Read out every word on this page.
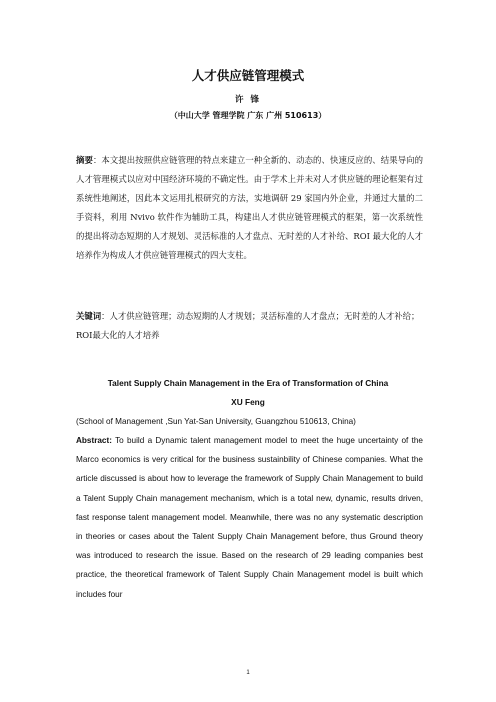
人才供应链管理模式
许 锋
（中山大学 管理学院 广东 广州 510613）
摘要：本文提出按照供应链管理的特点来建立一种全新的、动态的、快速反应的、结果导向的人才管理模式以应对中国经济环境的不确定性。由于学术上并未对人才供应链的理论框架有过系统性地阐述，因此本文运用扎根研究的方法，实地调研 29 家国内外企业，并通过大量的二手资料，利用 Nvivo 软件作为辅助工具，构建出人才供应链管理模式的框架，第一次系统性的提出将动态短期的人才规划、灵活标准的人才盘点、无时差的人才补给、ROI 最大化的人才培养作为构成人才供应链管理模式的四大支柱。
关键词：人才供应链管理；动态短期的人才规划；灵活标准的人才盘点；无时差的人才补给；ROI最大化的人才培养
Talent Supply Chain Management in the Era of Transformation of China
XU Feng
(School of Management ,Sun Yat-San University, Guangzhou 510613, China)
Abstract: To build a Dynamic talent management model to meet the huge uncertainty of the Marco economics is very critical for the business sustainbility of Chinese companies. What the article discussed is about how to leverage the framework of Supply Chain Management to build a Talent Supply Chain management mechanism, which is a total new, dynamic, results driven, fast response talent management model. Meanwhile, there was no any systematic description in theories or cases about the Talent Supply Chain Management before, thus Ground theory was introduced to research the issue. Based on the research of 29 leading companies best practice, the theoretical framework of Talent Supply Chain Management model is built which includes four
1
